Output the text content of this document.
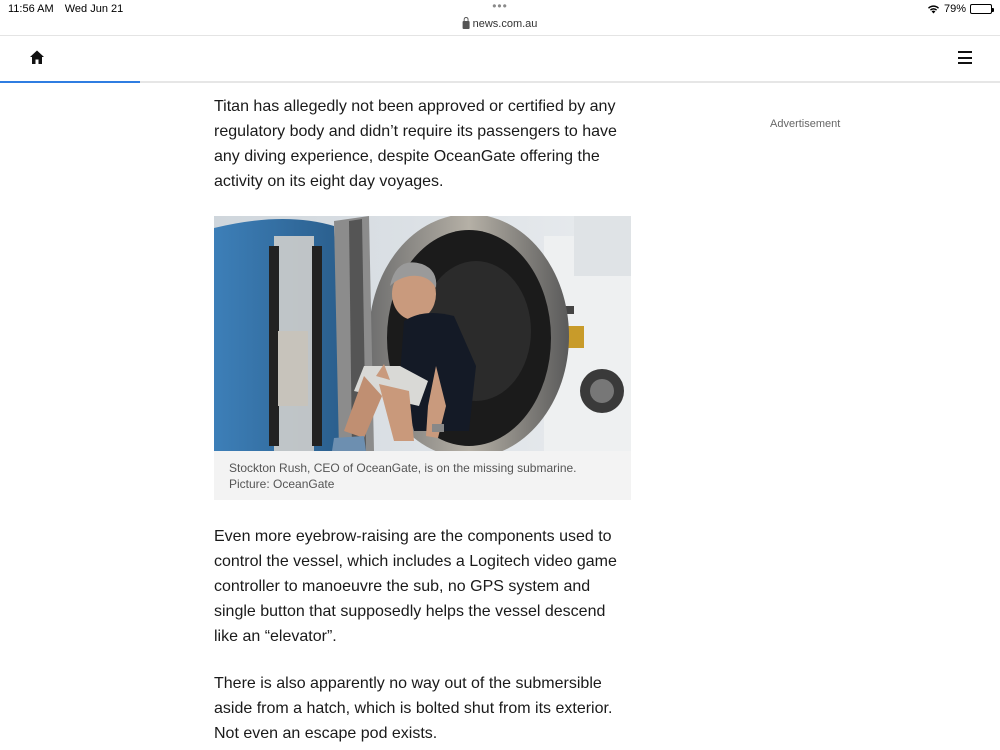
11:56 AM Wed Jun 21	•••
news.com.au
79%

Titan has allegedly not been approved or certified by any regulatory body and didn’t require its passengers to have any diving experience, despite OceanGate offering the activity on its eight day voyages.

Stockton Rush, CEO of OceanGate, is on the missing submarine.
Picture: OceanGate

Even more eyebrow-raising are the components used to control the vessel, which includes a Logitech video game controller to manoeuvre the sub, no GPS system and single button that supposedly helps the vessel descend like an “elevator”.

There is also apparently no way out of the submersible aside from a hatch, which is bolted shut from its exterior. Not even an escape pod exists.

Advertisement
